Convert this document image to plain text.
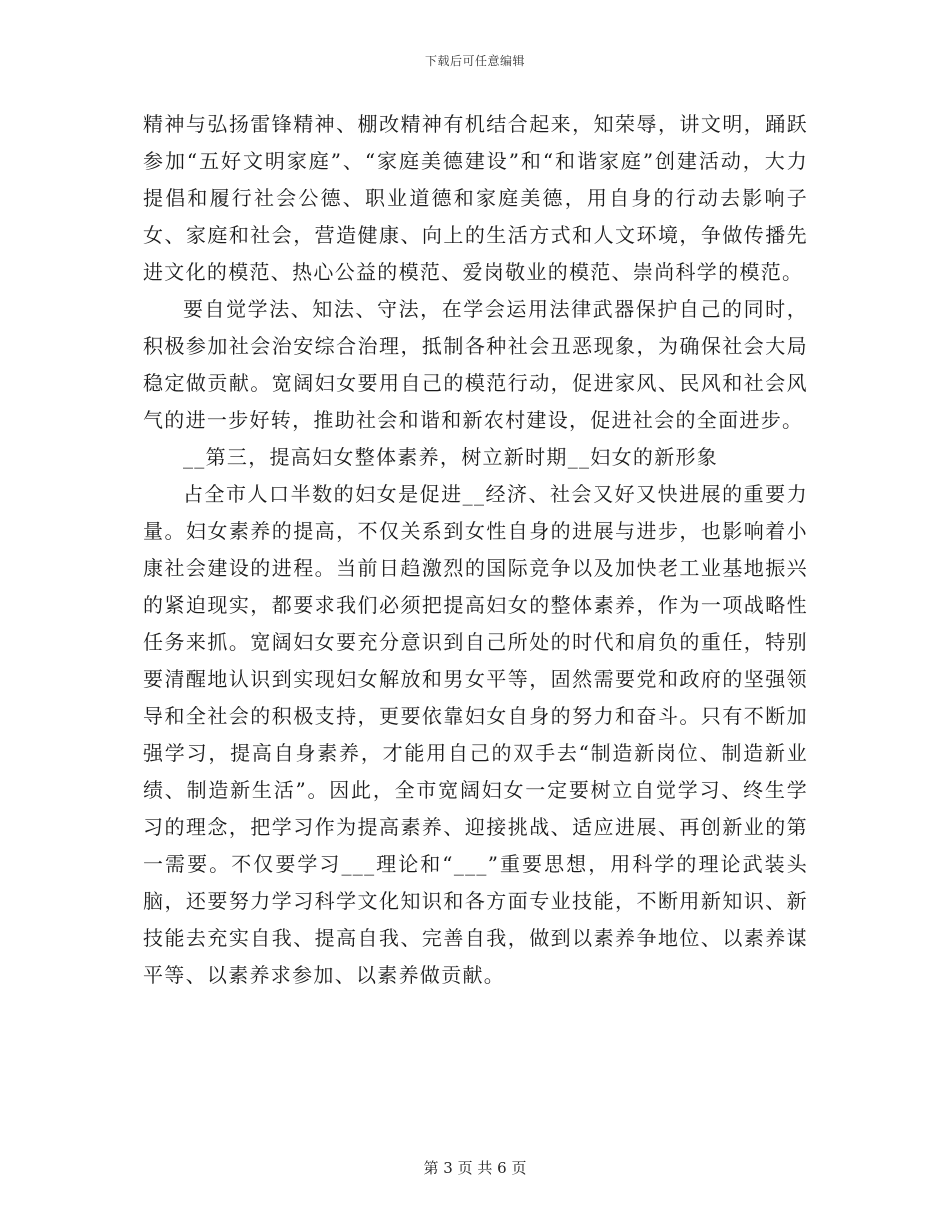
下载后可任意编辑

精神与弘扬雷锋精神、棚改精神有机结合起来，知荣辱，讲文明，踊跃参加“五好文明家庭”、“家庭美德建设”和“和谐家庭”创建活动，大力提倡和履行社会公德、职业道德和家庭美德，用自身的行动去影响子女、家庭和社会，营造健康、向上的生活方式和人文环境，争做传播先进文化的模范、热心公益的模范、爱岗敬业的模范、崇尚科学的模范。

要自觉学法、知法、守法，在学会运用法律武器保护自己的同时，积极参加社会治安综合治理，抵制各种社会丑恶现象，为确保社会大局稳定做贡献。宽阔妇女要用自己的模范行动，促进家风、民风和社会风气的进一步好转，推助社会和谐和新农村建设，促进社会的全面进步。

__第三，提高妇女整体素养，树立新时期__妇女的新形象

占全市人口半数的妇女是促进__经济、社会又好又快进展的重要力量。妇女素养的提高，不仅关系到女性自身的进展与进步，也影响着小康社会建设的进程。当前日趋激烈的国际竞争以及加快老工业基地振兴的紧迫现实，都要求我们必须把提高妇女的整体素养，作为一项战略性任务来抓。宽阔妇女要充分意识到自己所处的时代和肩负的重任，特别要清醒地认识到实现妇女解放和男女平等，固然需要党和政府的坚强领导和全社会的积极支持，更要依靠妇女自身的努力和奋斗。只有不断加强学习，提高自身素养，才能用自己的双手去“制造新岗位、制造新业绩、制造新生活”。因此，全市宽阔妇女一定要树立自觉学习、终生学习的理念，把学习作为提高素养、迎接挑战、适应进展、再创新业的第一需要。不仅要学习___理论和“___”重要思想，用科学的理论武装头脑，还要努力学习科学文化知识和各方面专业技能，不断用新知识、新技能去充实自我、提高自我、完善自我，做到以素养争地位、以素养谋平等、以素养求参加、以素养做贡献。

第 3 页 共 6 页
